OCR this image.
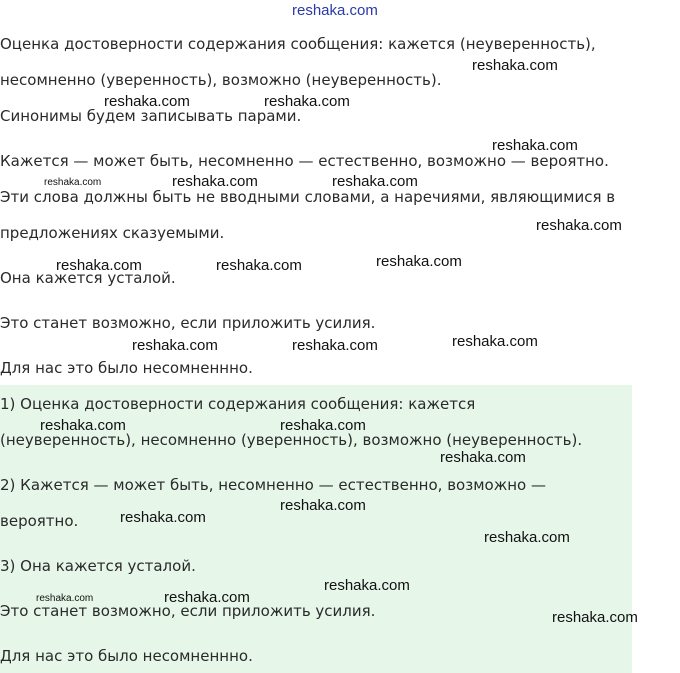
reshaka.com
Оценка достоверности содержания сообщения: кажется (неуверенность),
несомненно (уверенность), возможно (неуверенность).
Синонимы будем записывать парами.
Кажется — может быть, несомненно — естественно, возможно — вероятно.
Эти слова должны быть не вводными словами, а наречиями, являющимися в
предложениях сказуемыми.
Она кажется усталой.
Это станет возможно, если приложить усилия.
Для нас это было несомненнно.
1) Оценка достоверности содержания сообщения: кажется
(неуверенность), несомненно (уверенность), возможно (неуверенность).
2) Кажется — может быть, несомненно — естественно, возможно —
вероятно.
3) Она кажется усталой.
Это станет возможно, если приложить усилия.
Для нас это было несомненнно.
reshaka.com
reshaka.com	reshaka.com
reshaka.com
reshaka.com	reshaka.com	reshaka.com
reshaka.com
reshaka.com
reshaka.com	reshaka.com
reshaka.com
reshaka.com	reshaka.com
reshaka.com	reshaka.com
reshaka.com
reshaka.com
reshaka.com
reshaka.com
reshaka.com
reshaka.com	reshaka.com
reshaka.com
